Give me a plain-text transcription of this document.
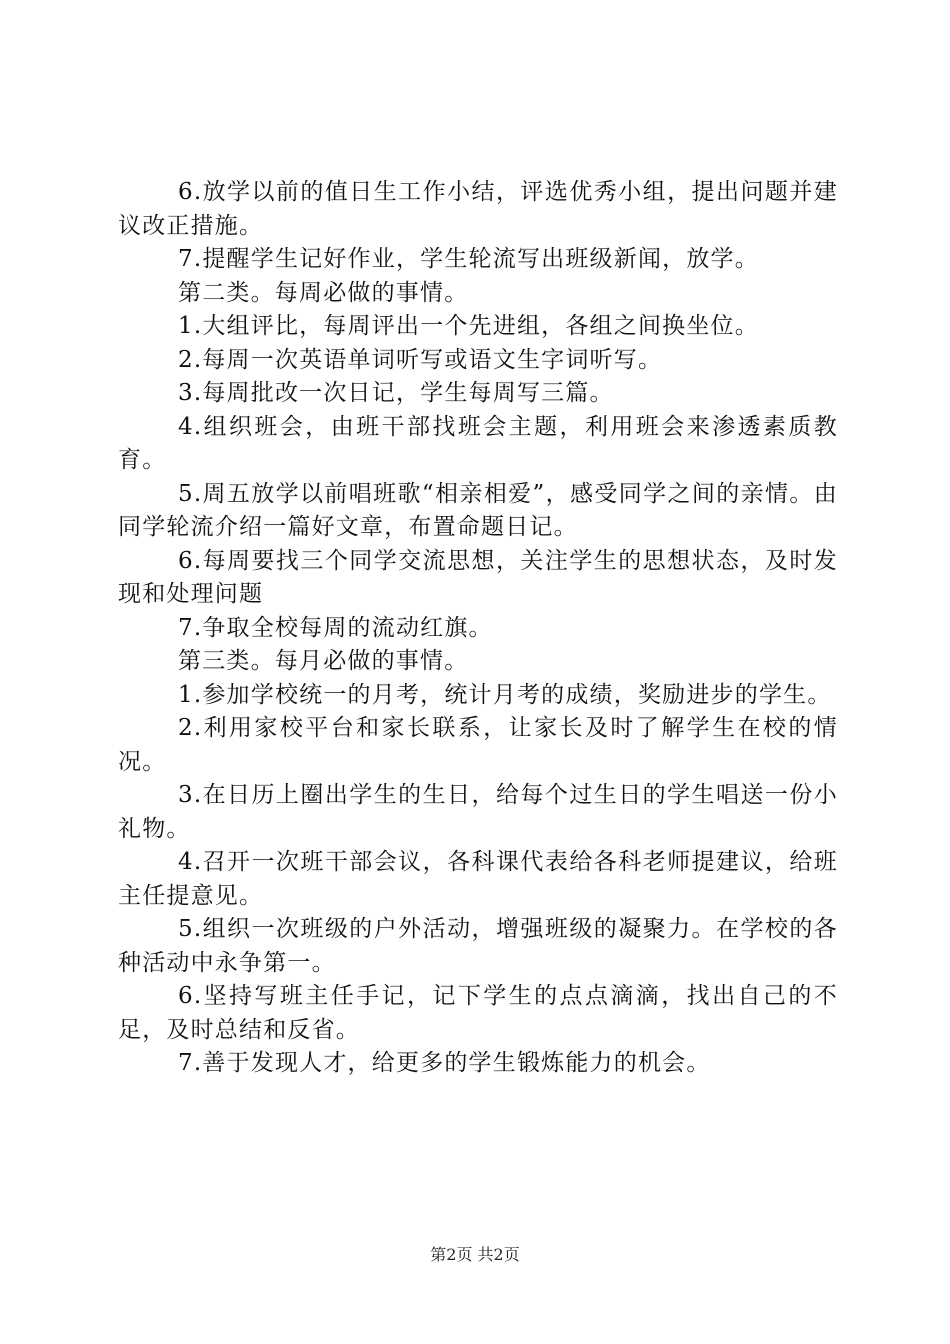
6.放学以前的值日生工作小结，评选优秀小组，提出问题并建议改正措施。

7.提醒学生记好作业，学生轮流写出班级新闻，放学。

第二类。每周必做的事情。

1.大组评比，每周评出一个先进组，各组之间换坐位。

2.每周一次英语单词听写或语文生字词听写。

3.每周批改一次日记，学生每周写三篇。

4.组织班会，由班干部找班会主题，利用班会来渗透素质教育。

5.周五放学以前唱班歌“相亲相爱”，感受同学之间的亲情。由同学轮流介绍一篇好文章，布置命题日记。

6.每周要找三个同学交流思想，关注学生的思想状态，及时发现和处理问题

7.争取全校每周的流动红旗。

第三类。每月必做的事情。

1.参加学校统一的月考，统计月考的成绩，奖励进步的学生。

2.利用家校平台和家长联系，让家长及时了解学生在校的情况。

3.在日历上圈出学生的生日，给每个过生日的学生唱送一份小礼物。

4.召开一次班干部会议，各科课代表给各科老师提建议，给班主任提意见。

5.组织一次班级的户外活动，增强班级的凝聚力。在学校的各种活动中永争第一。

6.坚持写班主任手记，记下学生的点点滴滴，找出自己的不足，及时总结和反省。

7.善于发现人才，给更多的学生锻炼能力的机会。

第2页 共2页
